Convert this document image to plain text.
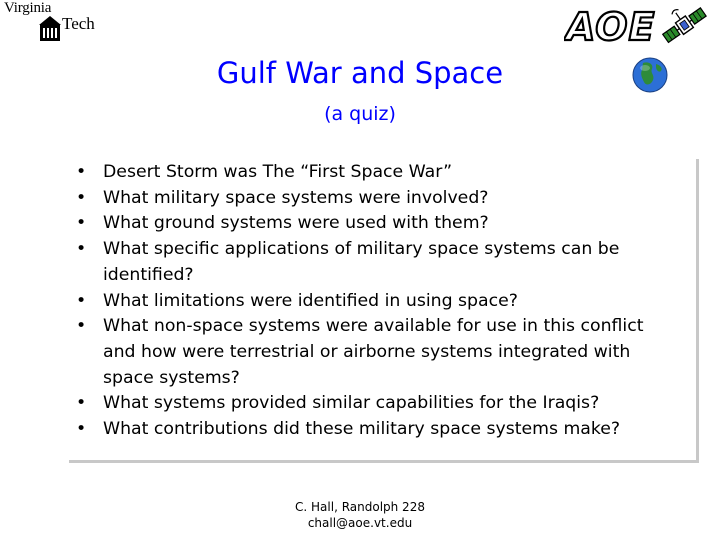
Virginia
Tech	AOE
Gulf War and Space
(a quiz)
• Desert Storm was The “First Space War”
• What military space systems were involved?
• What ground systems were used with them?
• What specific applications of military space systems can be
identified?
• What limitations were identified in using space?
• What non-space systems were available for use in this conflict
and how were terrestrial or airborne systems integrated with
space systems?
• What systems provided similar capabilities for the Iraqis?
• What contributions did these military space systems make?
C. Hall, Randolph 228
chall@aoe.vt.edu
